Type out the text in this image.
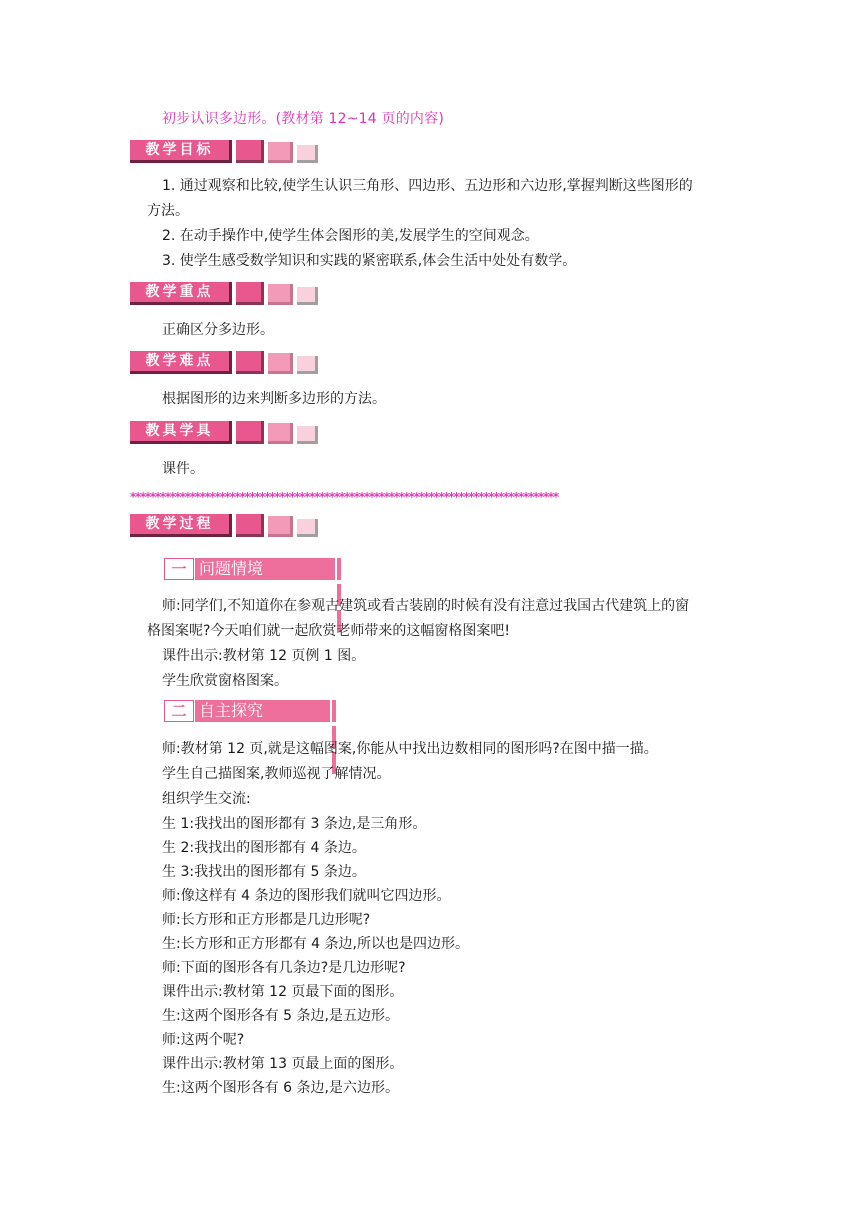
初步认识多边形。(教材第 12~14 页的内容)
教学目标
1. 通过观察和比较,使学生认识三角形、四边形、五边形和六边形,掌握判断这些图形的
方法。
2. 在动手操作中,使学生体会图形的美,发展学生的空间观念。
3. 使学生感受数学知识和实践的紧密联系,体会生活中处处有数学。
教学重点
正确区分多边形。
教学难点
根据图形的边来判断多边形的方法。
教具学具
课件。
**************************************************************************************
教学过程
一 问题情境
师:同学们,不知道你在参观古建筑或看古装剧的时候有没有注意过我国古代建筑上的窗
格图案呢?今天咱们就一起欣赏老师带来的这幅窗格图案吧!
课件出示:教材第 12 页例 1 图。
学生欣赏窗格图案。
二 自主探究
师:教材第 12 页,就是这幅图案,你能从中找出边数相同的图形吗?在图中描一描。
学生自己描图案,教师巡视了解情况。
组织学生交流:
生 1:我找出的图形都有 3 条边,是三角形。
生 2:我找出的图形都有 4 条边。
生 3:我找出的图形都有 5 条边。
师:像这样有 4 条边的图形我们就叫它四边形。
师:长方形和正方形都是几边形呢?
生:长方形和正方形都有 4 条边,所以也是四边形。
师:下面的图形各有几条边?是几边形呢?
课件出示:教材第 12 页最下面的图形。
生:这两个图形各有 5 条边,是五边形。
师:这两个呢?
课件出示:教材第 13 页最上面的图形。
生:这两个图形各有 6 条边,是六边形。
